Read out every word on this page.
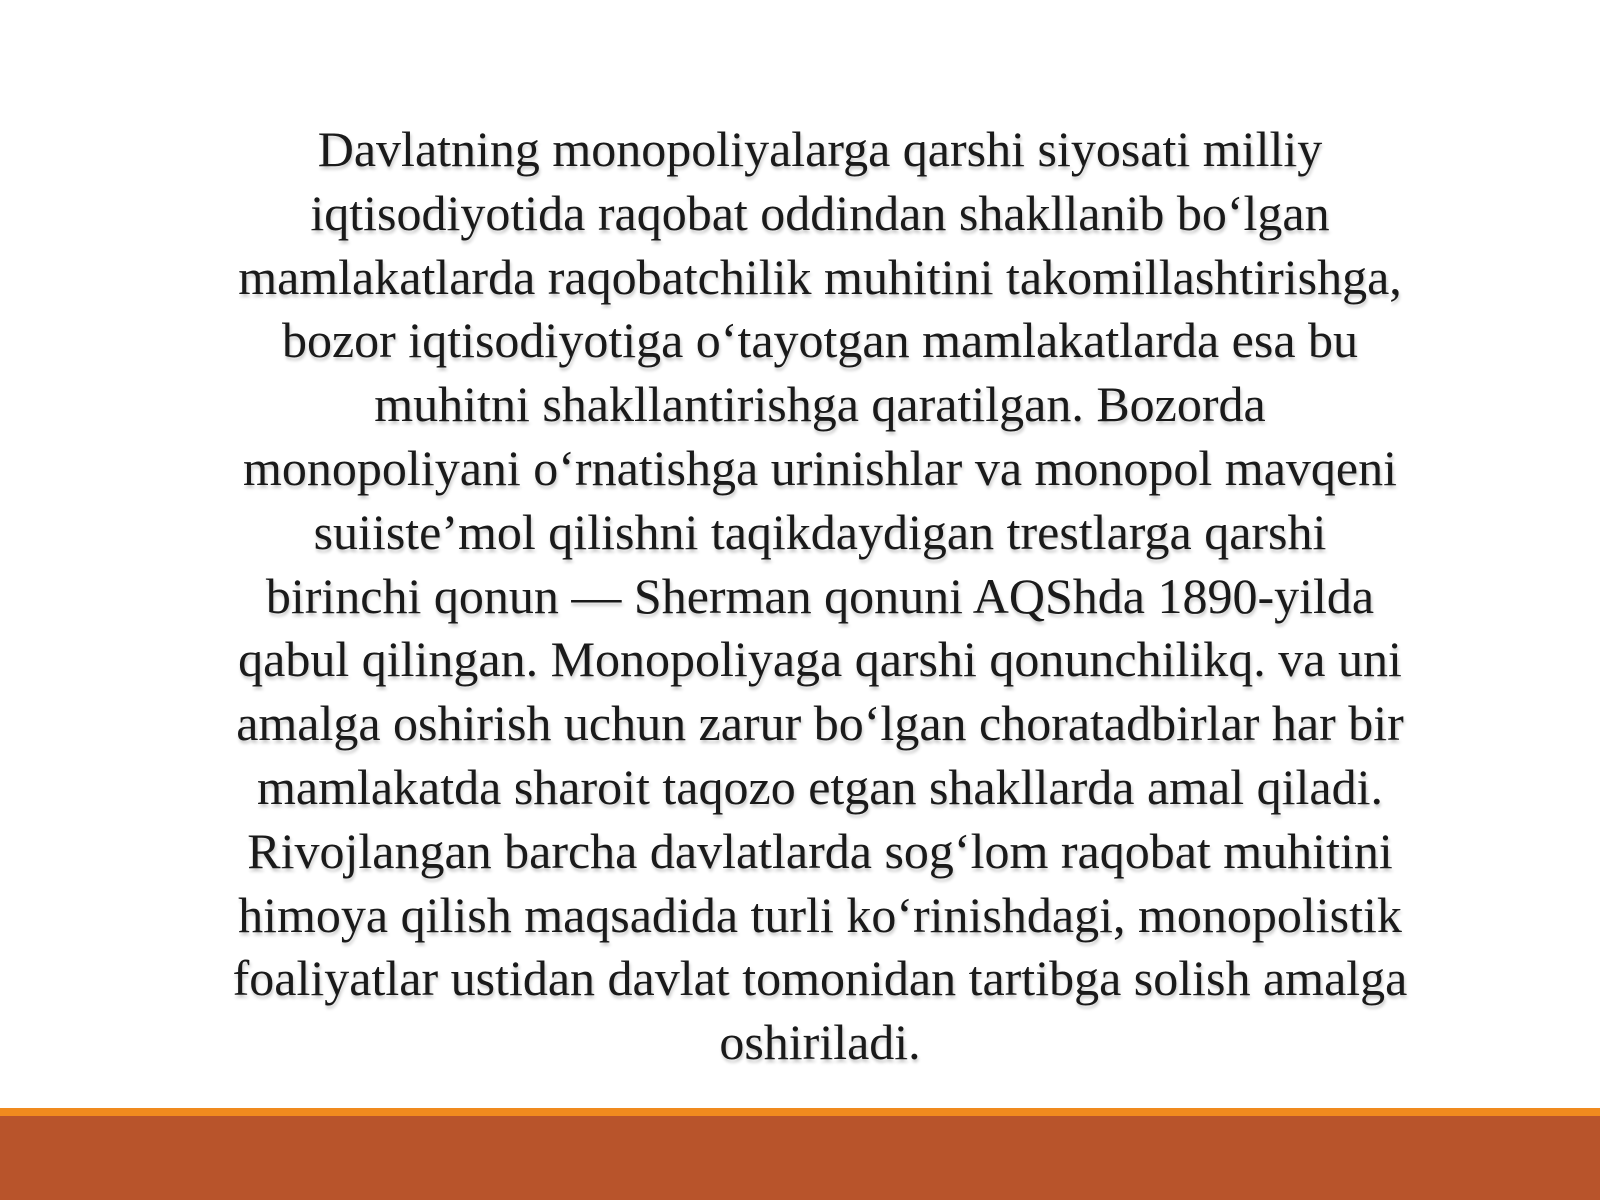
Davlatning monopoliyalarga qarshi siyosati milliy
iqtisodiyotida raqobat oddindan shakllanib bo‘lgan
mamlakatlarda raqobatchilik muhitini takomillashtirishga,
bozor iqtisodiyotiga o‘tayotgan mamlakatlarda esa bu
muhitni shakllantirishga qaratilgan. Bozorda
monopoliyani o‘rnatishga urinishlar va monopol mavqeni
suiiste’mol qilishni taqikdaydigan trestlarga qarshi
birinchi qonun — Sherman qonuni AQShda 1890-yilda
qabul qilingan. Monopoliyaga qarshi qonunchilikq. va uni
amalga oshirish uchun zarur bo‘lgan choratadbirlar har bir
mamlakatda sharoit taqozo etgan shakllarda amal qiladi.
Rivojlangan barcha davlatlarda sog‘lom raqobat muhitini
himoya qilish maqsadida turli ko‘rinishdagi, monopolistik
foaliyatlar ustidan davlat tomonidan tartibga solish amalga
oshiriladi.
